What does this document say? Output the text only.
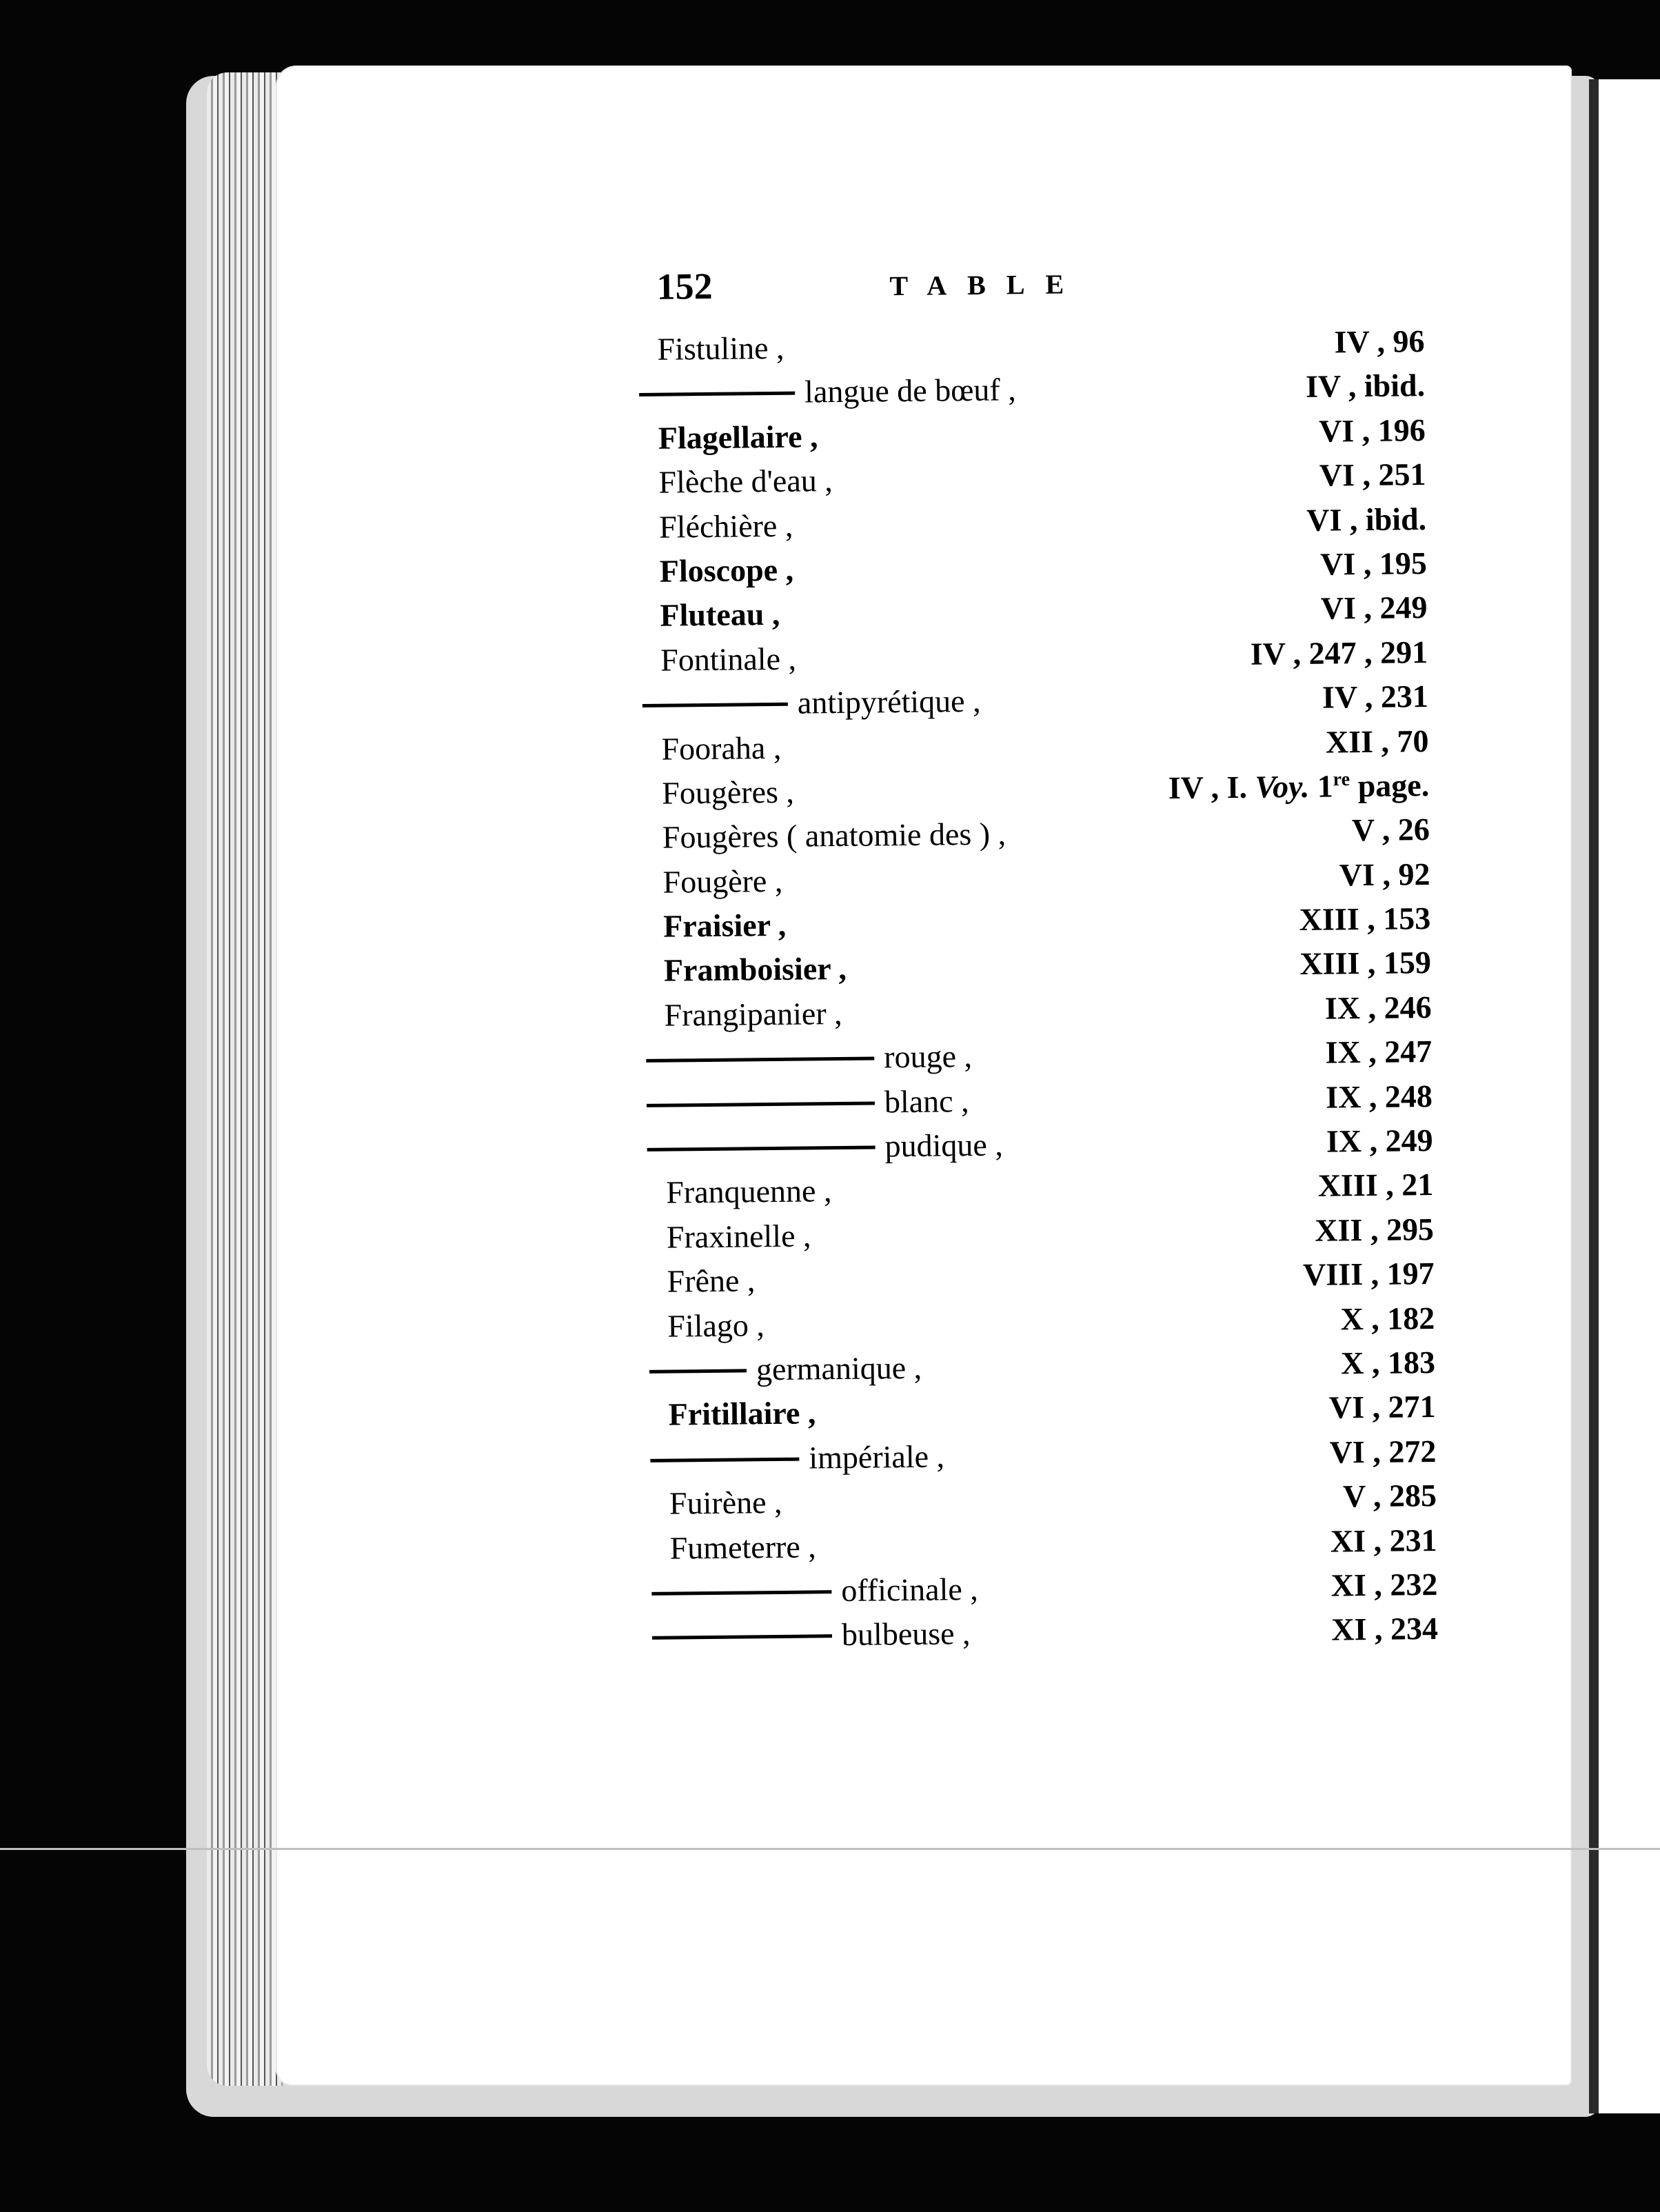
152	TABLE
Fistuline ,	IV , 96
langue de bœuf ,	IV , ibid.
Flagellaire ,	VI , 196
Flèche d'eau ,	VI , 251
Fléchière ,	VI , ibid.
Floscope ,	VI , 195
Fluteau ,	VI , 249
Fontinale ,	IV , 247 , 291
antipyrétique ,	IV , 231
Fooraha ,	XII , 70
Fougères ,	IV , I. Voy. 1re page.
Fougères ( anatomie des ) ,	V , 26
Fougère ,	VI , 92
Fraisier ,	XIII , 153
Framboisier ,	XIII , 159
Frangipanier ,	IX , 246
rouge ,	IX , 247
blanc ,	IX , 248
pudique ,	IX , 249
Franquenne ,	XIII , 21
Fraxinelle ,	XII , 295
Frêne ,	VIII , 197
Filago ,	X , 182
germanique ,	X , 183
Fritillaire ,	VI , 271
impériale ,	VI , 272
Fuirène ,	V , 285
Fumeterre ,	XI , 231
officinale ,	XI , 232
bulbeuse ,	XI , 234
